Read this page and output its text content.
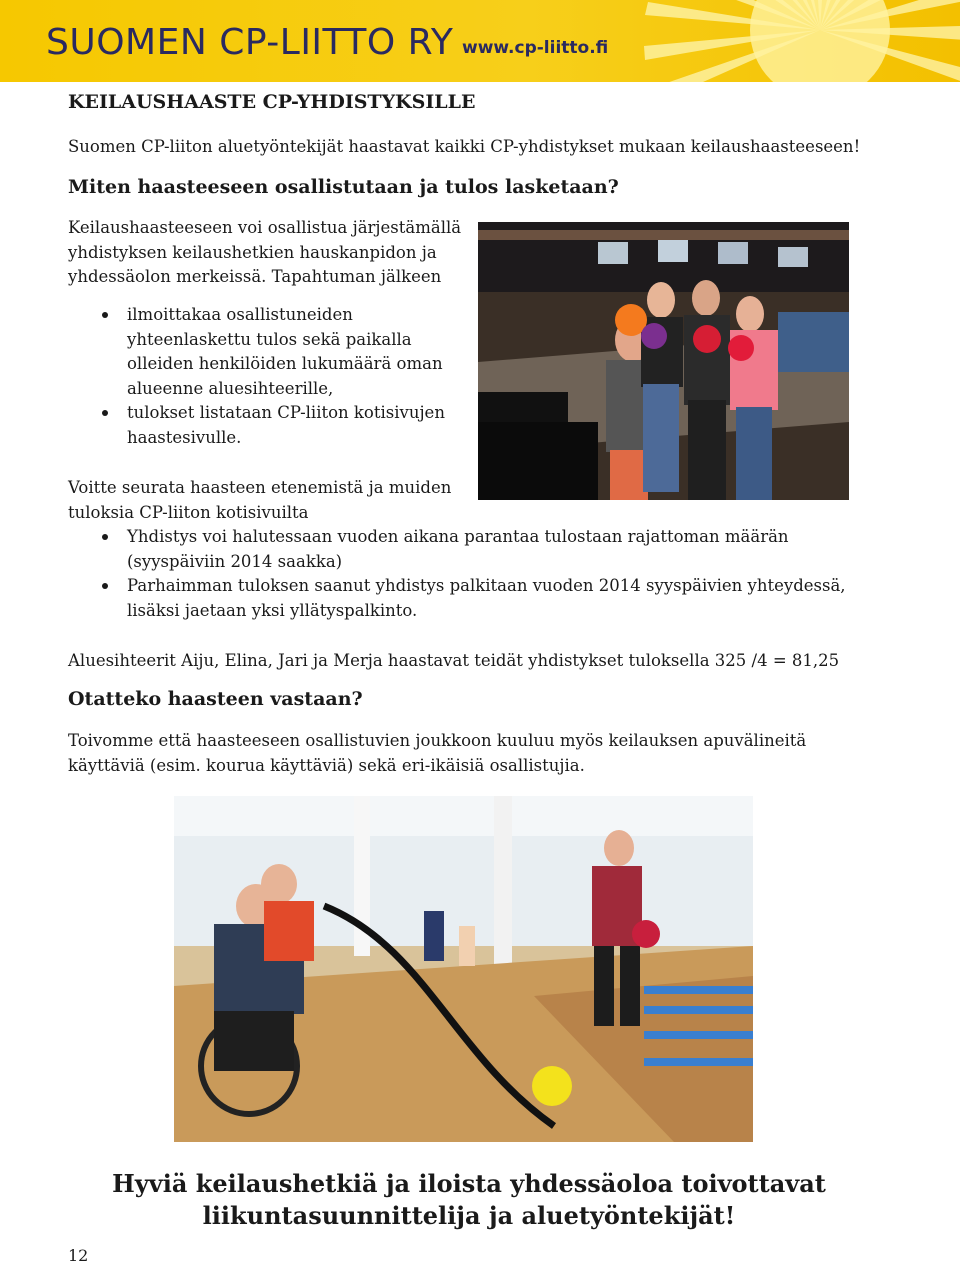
SUOMEN CP-LIITTO RY www.cp-liitto.fi
KEILAUSHAASTE CP-YHDISTYKSILLE
Suomen CP-liiton aluetyöntekijät haastavat kaikki CP-yhdistykset mukaan keilaushaasteeseen!
Miten haasteeseen osallistutaan ja tulos lasketaan?
Keilaushaasteeseen voi osallistua järjestämällä
yhdistyksen keilaushetkien hauskanpidon ja
yhdessäolon merkeissä. Tapahtuman jälkeen
ilmoittakaa osallistuneiden
yhteenlaskettu tulos sekä paikalla
olleiden henkilöiden lukumäärä oman
alueenne aluesihteerille,
tulokset listataan CP-liiton kotisivujen
haastesivulle.
Voitte seurata haasteen etenemistä ja muiden
tuloksia CP-liiton kotisivuilta
Yhdistys voi halutessaan vuoden aikana parantaa tulostaan rajattoman määrän
(syyspäiviin 2014 saakka)
Parhaimman tuloksen saanut yhdistys palkitaan vuoden 2014 syyspäivien yhteydessä,
lisäksi jaetaan yksi yllätyspalkinto.
Aluesihteerit Aiju, Elina, Jari ja Merja haastavat teidät yhdistykset tuloksella 325 /4 = 81,25
Otatteko haasteen vastaan?
Toivomme että haasteeseen osallistuvien joukkoon kuuluu myös keilauksen apuvälineitä
käyttäviä (esim. kourua käyttäviä) sekä eri-ikäisiä osallistujia.
Hyviä keilaushetkiä ja iloista yhdessäoloa toivottavat
liikuntasuunnittelija ja aluetyöntekijät!
12
